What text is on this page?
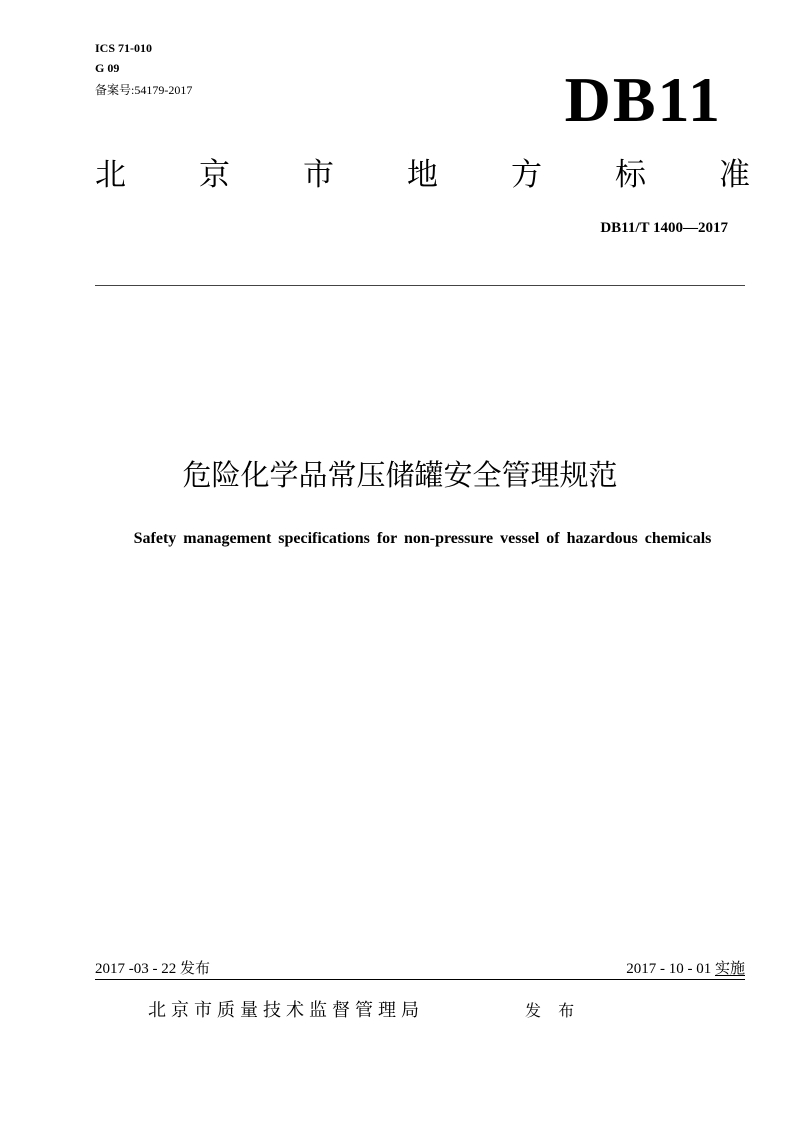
ICS 71-010
G 09
备案号:54179-2017	DB11
北 京 市 地 方 标 准
DB11/T 1400—2017
危险化学品常压储罐安全管理规范
Safety management specifications for non-pressure vessel of hazardous chemicals
2017 -03 - 22 发布	2017 - 10 - 01 实施
北京市质量技术监督管理局	发 布
